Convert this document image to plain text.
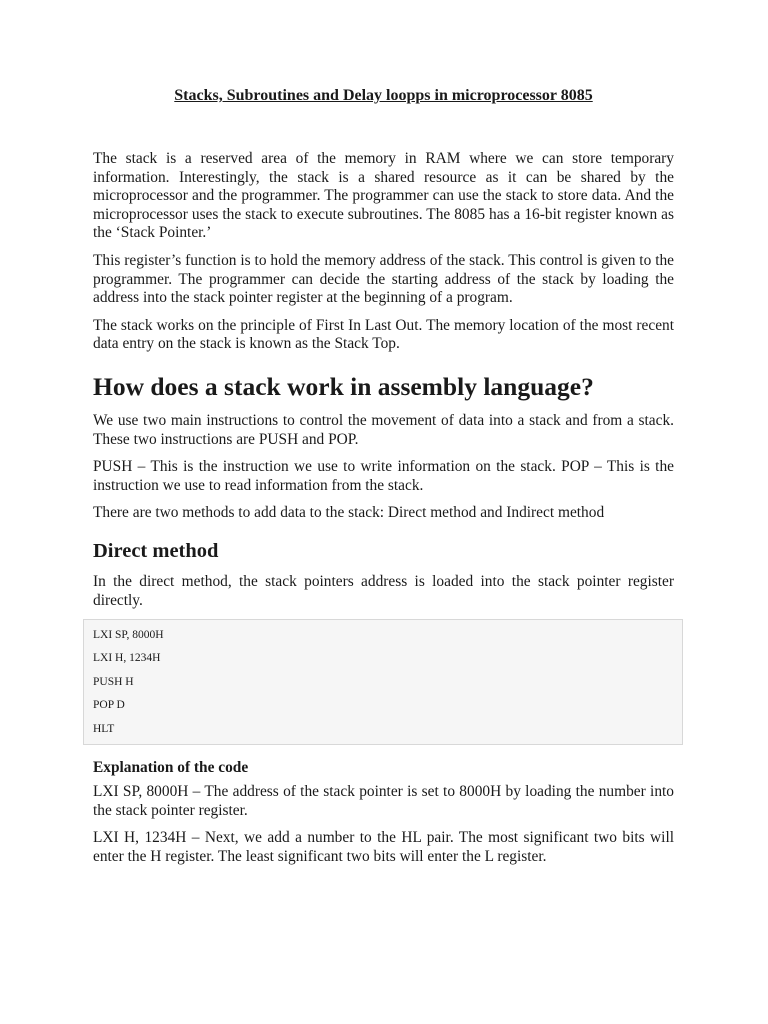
Stacks, Subroutines and Delay loopps in microprocessor 8085

The stack is a reserved area of the memory in RAM where we can store temporary information. Interestingly, the stack is a shared resource as it can be shared by the microprocessor and the programmer. The programmer can use the stack to store data. And the microprocessor uses the stack to execute subroutines. The 8085 has a 16-bit register known as the ‘Stack Pointer.’

This register’s function is to hold the memory address of the stack. This control is given to the programmer. The programmer can decide the starting address of the stack by loading the address into the stack pointer register at the beginning of a program.

The stack works on the principle of First In Last Out. The memory location of the most recent data entry on the stack is known as the Stack Top.

How does a stack work in assembly language?

We use two main instructions to control the movement of data into a stack and from a stack. These two instructions are PUSH and POP.

PUSH – This is the instruction we use to write information on the stack. POP – This is the instruction we use to read information from the stack.

There are two methods to add data to the stack: Direct method and Indirect method

Direct method

In the direct method, the stack pointers address is loaded into the stack pointer register directly.

LXI SP, 8000H
LXI H, 1234H
PUSH H
POP D
HLT

Explanation of the code

LXI SP, 8000H – The address of the stack pointer is set to 8000H by loading the number into the stack pointer register.

LXI H, 1234H – Next, we add a number to the HL pair. The most significant two bits will enter the H register. The least significant two bits will enter the L register.
